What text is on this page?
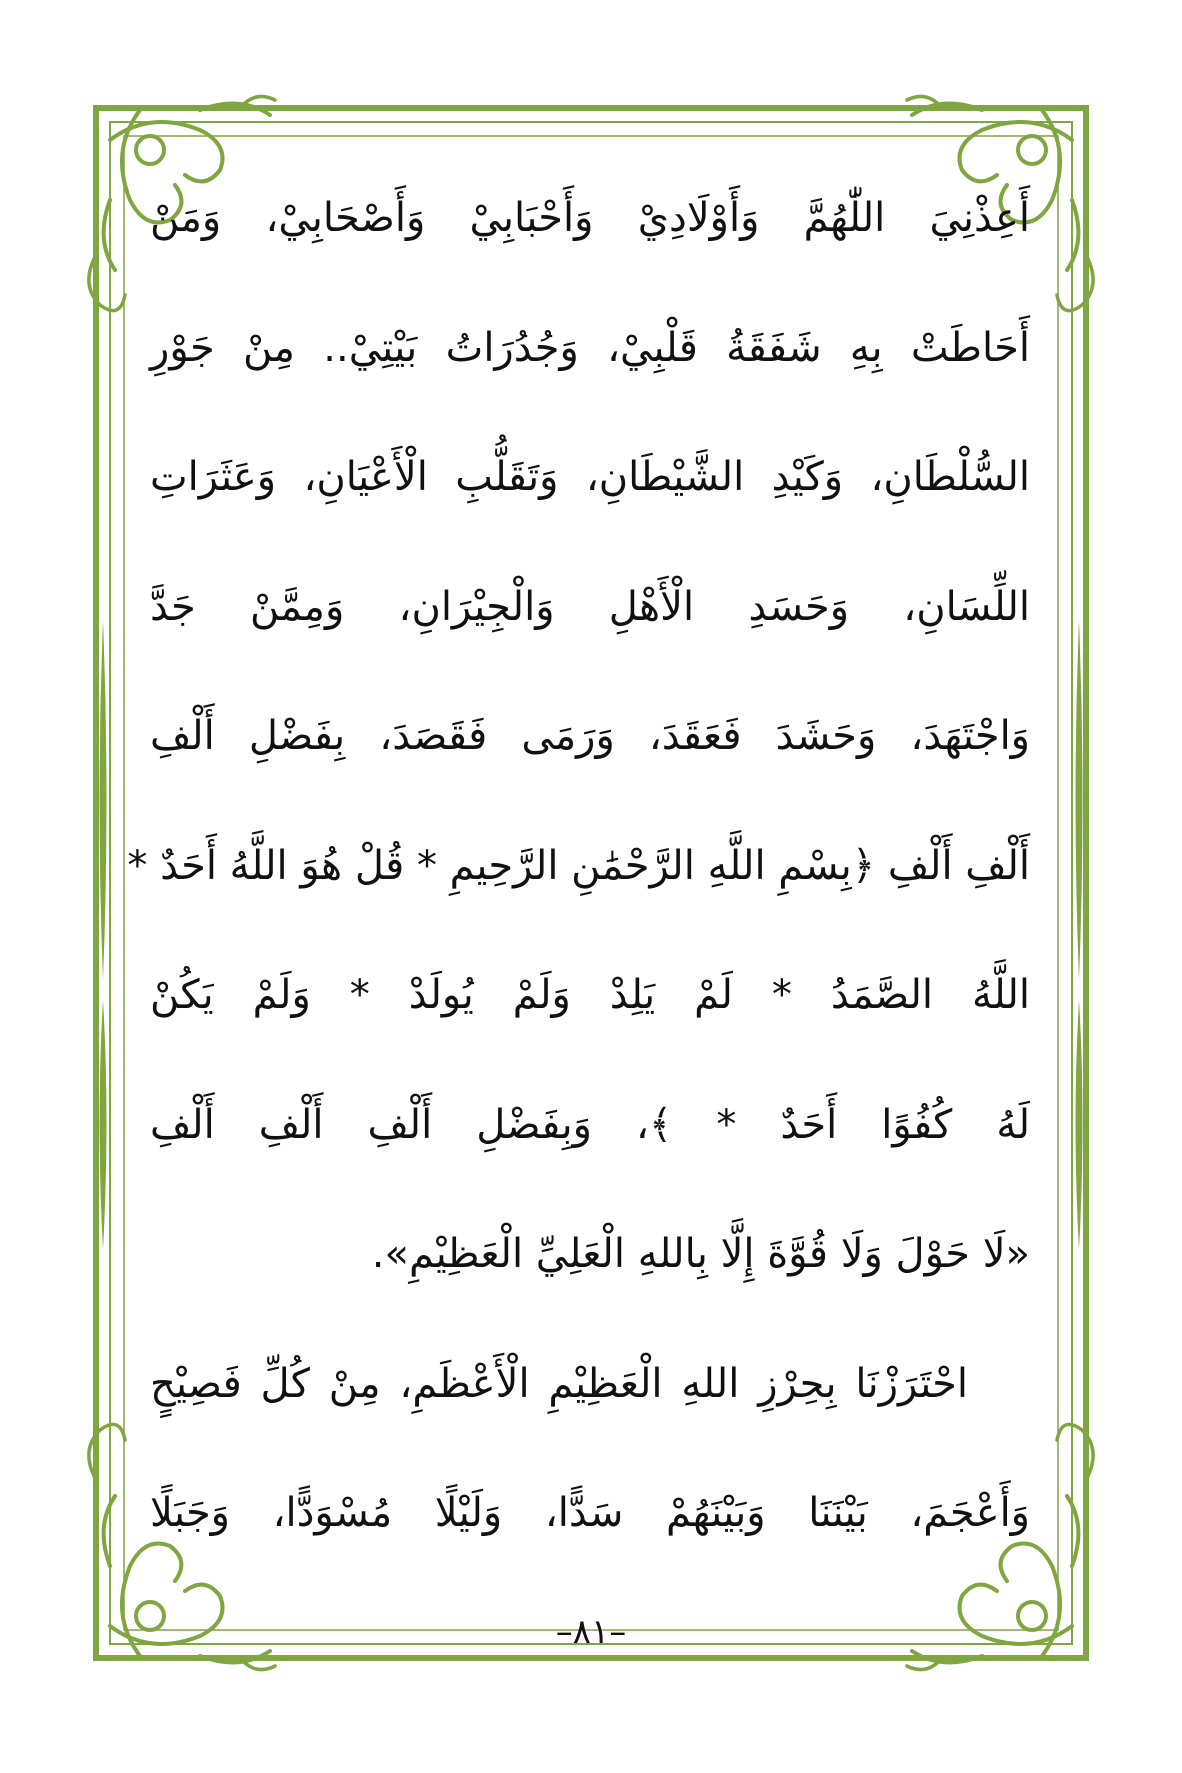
أَعِذْنِيَ اللّٰهُمَّ وَأَوْلَادِيْ وَأَحْبَابِيْ وَأَصْحَابِيْ، وَمَنْ
أَحَاطَتْ بِهِ شَفَقَةُ قَلْبِيْ، وَجُدُرَاتُ بَيْتِيْ.. مِنْ جَوْرِ
السُّلْطَانِ، وَكَيْدِ الشَّيْطَانِ، وَتَقَلُّبِ الْأَعْيَانِ، وَعَثَرَاتِ
اللِّسَانِ، وَحَسَدِ الْأَهْلِ وَالْجِيْرَانِ، وَمِمَّنْ جَدَّ
وَاجْتَهَدَ، وَحَشَدَ فَعَقَدَ، وَرَمَى فَقَصَدَ، بِفَضْلِ أَلْفِ
أَلْفِ أَلْفِ ﴿بِسْمِ اللَّهِ الرَّحْمَٰنِ الرَّحِيمِ * قُلْ هُوَ اللَّهُ أَحَدٌ *
اللَّهُ الصَّمَدُ * لَمْ يَلِدْ وَلَمْ يُولَدْ * وَلَمْ يَكُنْ
لَهُ كُفُوًا أَحَدٌ * ﴾، وَبِفَضْلِ أَلْفِ أَلْفِ أَلْفِ
«لَا حَوْلَ وَلَا قُوَّةَ إِلَّا بِاللهِ الْعَلِيِّ الْعَظِيْمِ».
احْتَرَزْنَا بِحِرْزِ اللهِ الْعَظِيْمِ الْأَعْظَمِ، مِنْ كُلِّ فَصِيْحٍ
وَأَعْجَمَ، بَيْنَنَا وَبَيْنَهُمْ سَدًّا، وَلَيْلًا مُسْوَدًّا، وَجَبَلًا
–٨١–
